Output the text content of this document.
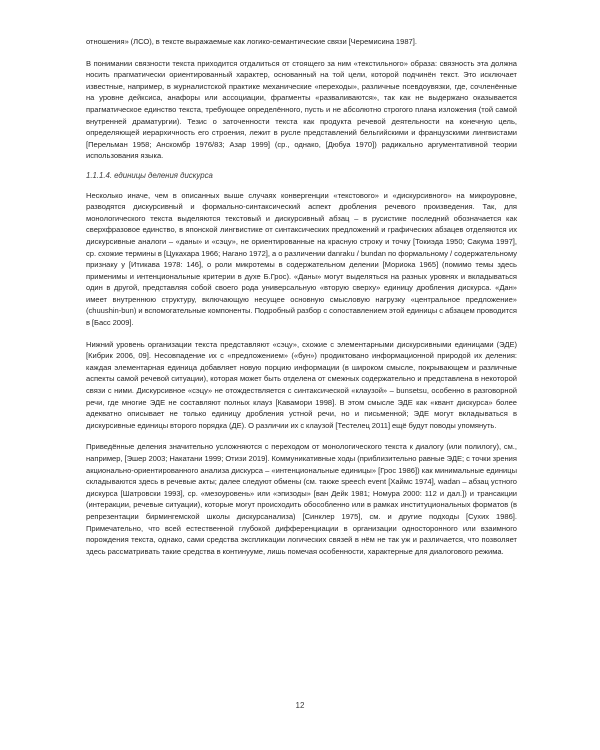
отношения» (ЛСО), в тексте выражаемые как логико-семантические связи [Черемисина 1987].

В понимании связности текста приходится отдалиться от стоящего за ним «текстильного» образа: связность эта должна носить прагматически ориентированный характер, основанный на той цели, которой подчинён текст. Это исключает известные, например, в журналистской практике механические «переходы», различные псевдоувязки, где, сочленённые на уровне дейксиса, анафоры или ассоциации, фрагменты «разваливаются», так как не выдержано оказывается прагматическое единство текста, требующее определённого, пусть и не абсолютно строгого плана изложения (той самой внутренней драматургии). Тезис о заточенности текста как продукта речевой деятельности на конечную цель, определяющей иерархичность его строения, лежит в русле представлений бельгийскими и французскими лингвистами [Перельман 1958; Анскомбр 1976/83; Азар 1999] (ср., однако, [Дюбуа 1970]) радикально аргументативной теории использования языка.

1.1.1.4. единицы деления дискурса

Несколько иначе, чем в описанных выше случаях конвергенции «текстового» и «дискурсивного» на микроуровне, разводятся дискурсивный и формально-синтаксический аспект дробления речевого произведения. Так, для монологического текста выделяются текстовый и дискурсивный абзац – в русистике последний обозначается как сверхфразовое единство, в японской лингвистике от синтаксических предложений и графических абзацев отделяются их дискурсивные аналоги – «даны» и «сэцу», не ориентированные на красную строку и точку [Токиэда 1950; Сакума 1997], ср. схожие термины в [Цукахара 1966; Нагано 1972], а о различении danraku / bundan по формальному / содержательному признаку у [Итикава 1978: 146], о роли микротемы в содержательном делении [Мориока 1965] (помимо темы здесь применимы и интенциональные критерии в духе Б.Грос). «Даны» могут выделяться на разных уровнях и вкладываться один в другой, представляя собой своего рода универсальную «вторую сверху» единицу дробления дискурса. «Дан» имеет внутреннюю структуру, включающую несущее основную смысловую нагрузку «центральное предложение» (chuushin-bun) и вспомогательные компоненты. Подробный разбор с сопоставлением этой единицы с абзацем проводится в [Басс 2009].

Нижний уровень организации текста представляют «сэцу», схожие с элементарными дискурсивными единицами (ЭДЕ) [Кибрик 2006, 09]. Несовпадение их с «предложением» («бун») продиктовано информационной природой их деления: каждая элементарная единица добавляет новую порцию информации (в широком смысле, покрывающем и различные аспекты самой речевой ситуации), которая может быть отделена от смежных содержательно и представлена в некоторой связи с ними. Дискурсивное «сэцу» не отождествляется с синтаксической «клаузой» – bunsetsu, особенно в разговорной речи, где многие ЭДЕ не составляют полных клауз [Кавамори 1998]. В этом смысле ЭДЕ как «квант дискурса» более адекватно описывает не только единицу дробления устной речи, но и письменной; ЭДЕ могут вкладываться в дискурсивные единицы второго порядка (ДЕ). О различии их с клаузой [Тестелец 2011] ещё будут поводы упомянуть.

Приведённые деления значительно усложняются с переходом от монологического текста к диалогу (или полилогу), см., например, [Эшер 2003; Накатани 1999; Отизи 2019]. Коммуникативные ходы (приблизительно равные ЭДЕ; с точки зрения акционально-ориентированного анализа дискурса – «интенциональные единицы» [Грос 1986]) как минимальные единицы складываются здесь в речевые акты; далее следуют обмены (см. также speech event [Хаймс 1974], wadan – абзац устного дискурса [Шатровски 1993], ср. «мезоуровень» или «эпизоды» [ван Дейк 1981; Номура 2000: 112 и дал.]) и трансакции (интеракции, речевые ситуации), которые могут происходить обособленно или в рамках институциональных форматов (в репрезентации бирмингемской школы дискурсанализа) [Синклер 1975], см. и другие подходы [Сухих 1986]. Примечательно, что всей естественной глубокой дифференциации в организации односторонного или взаимного порождения текста, однако, сами средства экспликации логических связей в нём не так уж и различается, что позволяет здесь рассматривать такие средства в континууме, лишь помечая особенности, характерные для диалогового режима.

12
